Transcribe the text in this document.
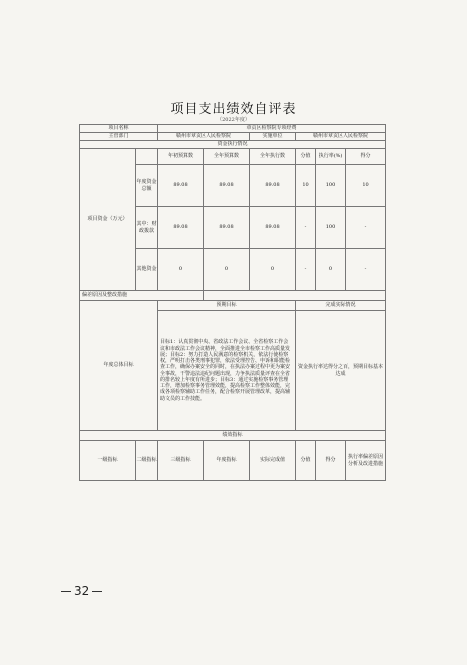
项目支出绩效自评表
（2022年度）
项目名称		章贡区检察院专项经费					
主管部门		赣州市章贡区人民检察院		实施单位	赣州市章贡区人民检察院		
资金执行情况							
项目资金（万元）		年初预算数	全年预算数	全年执行数	分值	执行率(%)	得分
	年度资金总额	89.08	89.08	89.08	10	100	10
	其中：财政拨款	89.08	89.08	89.08	-	100	-
	其他资金	0	0	0	-	0	-
偏差原因及整改措施							
年度总体目标		预期目标			完成实际情况		
		目标1：认真贯彻中央、省政法工作会议、全省检察工作会议和市政法工作会议精神，全面推进全市检察工作高质量发展；目标2：努力打造人民满意的检察机关，依法行使检察权，严明打击各类刑事犯罪，依法受理控告、申诉和职能检查工作，确保办案安全的同时，在执法办案过程中更为案安全事故，干警违法违纪问题出现，力争执法质量评查在全省的排名较上年度有所进步；目标3：通过实施检察事务管理工作，增加检察事务管理效能，提高检察工作整体效能，完成各项检察辅助工作任务，配合检察开展管理改革，提高辅助文员的工作技能。			资金执行率达得分之百，预期目标基本达成		
绩效指标							
一级指标	二级指标	三级指标	年度指标	实际完成值	分值	得分	执行率偏差原因分析及改进措施
32
